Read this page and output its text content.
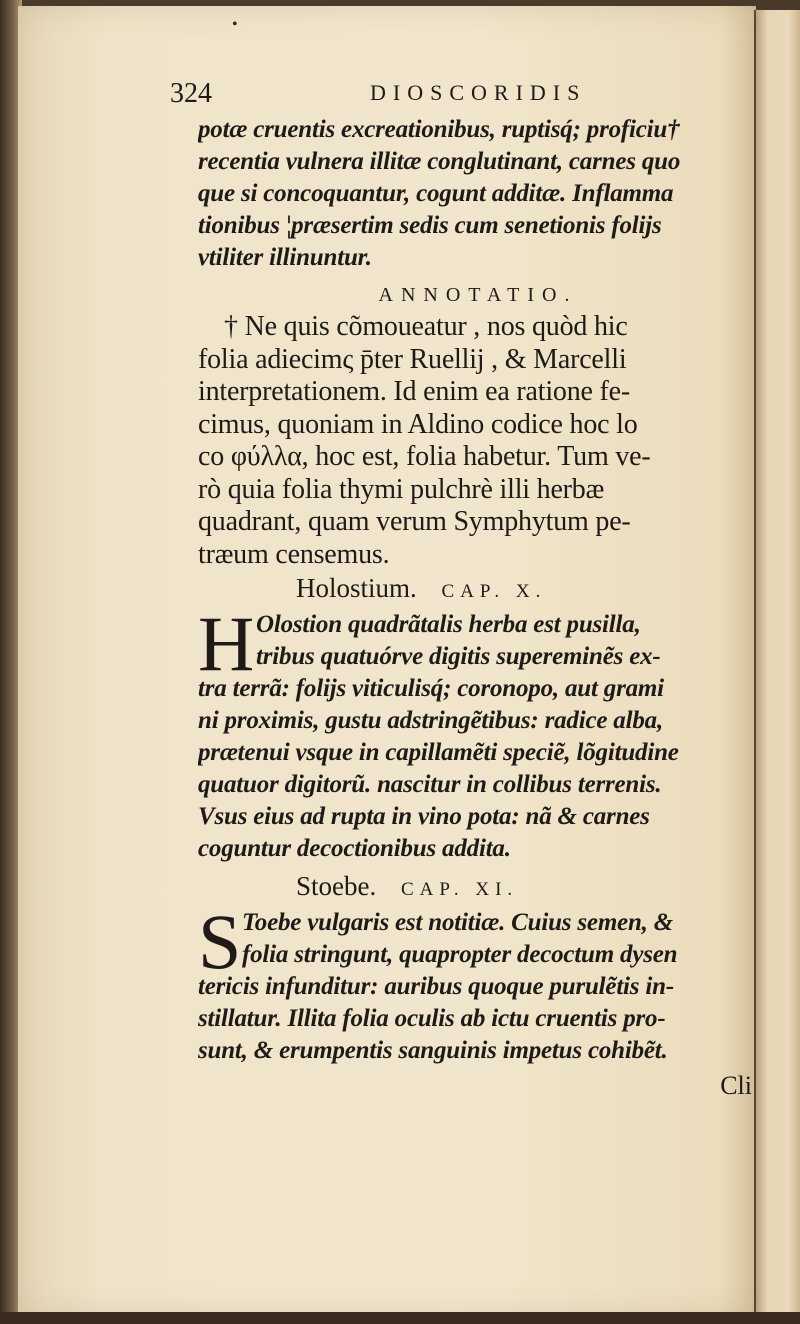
•
324	DIOSCORIDIS
potæ cruentis excreationibus, ruptisq́; proficiu†
recentia vulnera illitæ conglutinant, carnes quo
que si concoquantur, cogunt additæ. Inflamma
tionibus ¦præsertim sedis cum senetionis folijs
vtiliter illinuntur.
ANNOTATIO.
† Ne quis cõmoueatur , nos quòd hic
folia adiecimς p̄ter Ruellij , & Marcelli
interpretationem. Id enim ea ratione fe-
cimus, quoniam in Aldino codice hoc lo
co φύλλα, hoc est, folia habetur. Tum ve-
rò quia folia thymi pulchrè illi herbæ
quadrant, quam verum Symphytum pe-
træum censemus.
Holostium. CAP. X.
H Olostion quadrãtalis herba est pusilla,
tribus quatuórve digitis supereminẽs ex-
tra terrã: folijs viticulisq́; coronopo, aut grami
ni proximis, gustu adstringẽtibus: radice alba,
prætenui vsque in capillamẽti speciẽ, lõgitudine
quatuor digitorũ. nascitur in collibus terrenis.
Vsus eius ad rupta in vino pota: nã & carnes
coguntur decoctionibus addita.
Stoebe. CAP. XI.
S Toebe vulgaris est notitiæ. Cuius semen, &
folia stringunt, quapropter decoctum dysen
tericis infunditur: auribus quoque purulẽtis in-
stillatur. Illita folia oculis ab ictu cruentis pro-
sunt, & erumpentis sanguinis impetus cohibẽt.
Cli
